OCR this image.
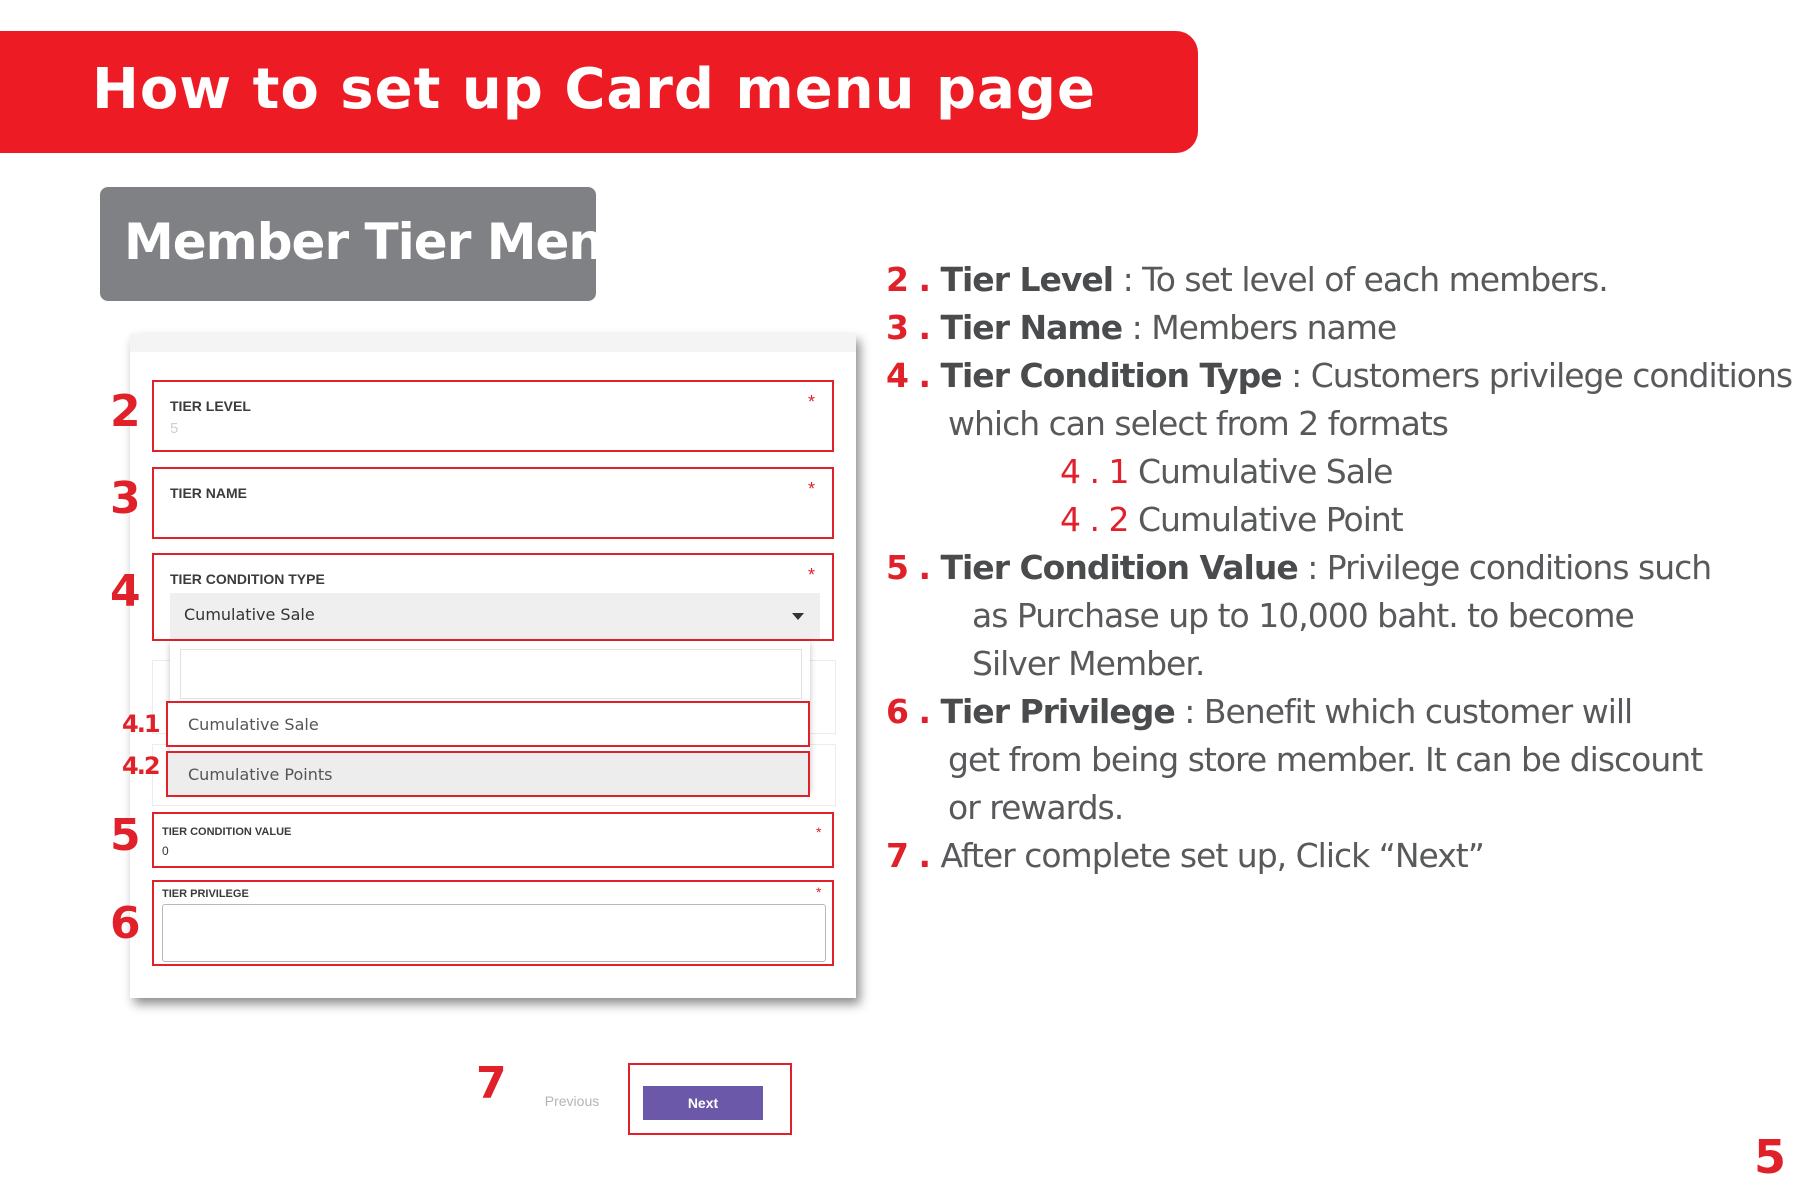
How to set up Card menu page
Member Tier Menu
TIER LEVEL	*
5
TIER NAME	*
TIER CONDITION TYPE	*
Cumulative Sale
Cumulative Sale
Cumulative Points
TIER CONDITION VALUE	*
0
TIER PRIVILEGE	*
2
3
4
4.1
4.2
5
6
7	Previous	Next
2 . Tier Level : To set level of each members.
3 . Tier Name : Members name
4 . Tier Condition Type : Customers privilege conditions
which can select from 2 formats
4 . 1 Cumulative Sale
4 . 2 Cumulative Point
5 . Tier Condition Value : Privilege conditions such
as Purchase up to 10,000 baht. to become
Silver Member.
6 . Tier Privilege : Benefit which customer will
get from being store member. It can be discount
or rewards.
7 . After complete set up, Click “Next”
5
